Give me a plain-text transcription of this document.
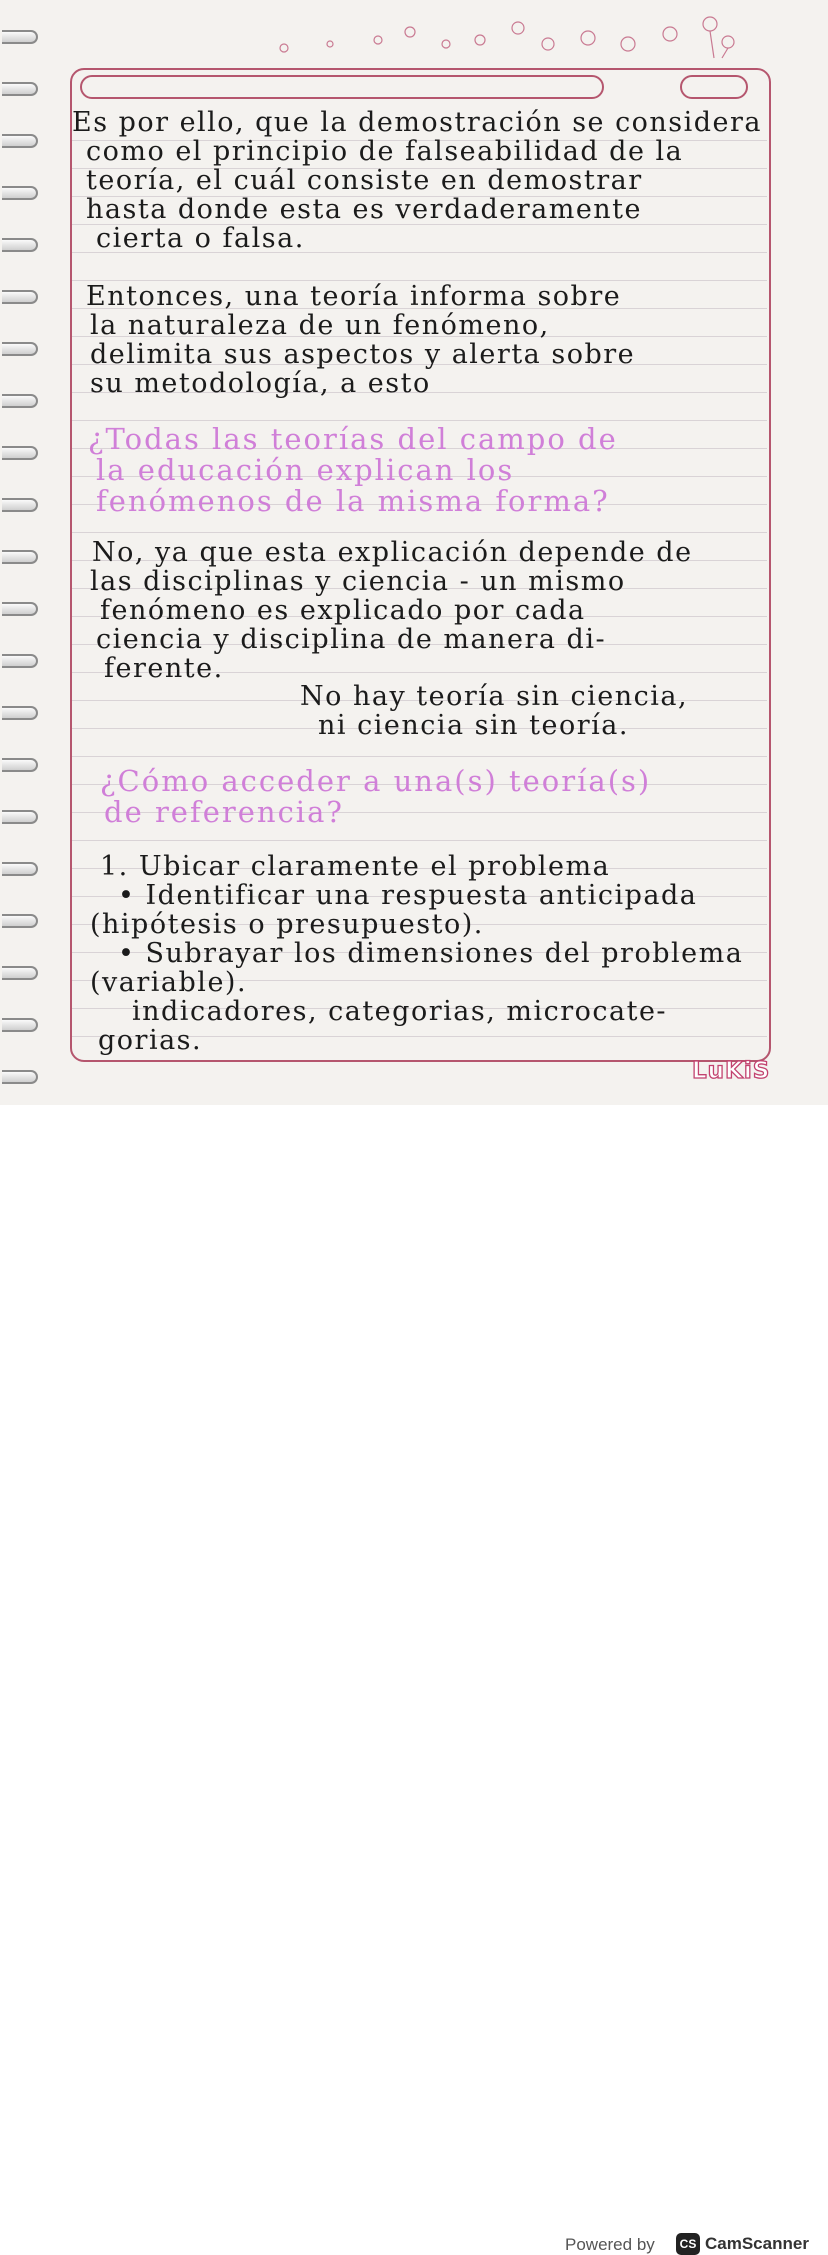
Es por ello, que la demostración se considera
como el principio de falseabilidad de la
teoría, el cuál consiste en demostrar
hasta donde esta es verdaderamente
cierta o falsa.
Entonces, una teoría informa sobre
la naturaleza de un fenómeno,
delimita sus aspectos y alerta sobre
su metodología, a esto
¿Todas las teorías del campo de
la educación explican los
fenómenos de la misma forma?
No, ya que esta explicación depende de
las disciplinas y ciencia - un mismo
fenómeno es explicado por cada
ciencia y disciplina de manera di-
ferente.
No hay teoría sin ciencia,
ni ciencia sin teoría.
¿Cómo acceder a una(s) teoría(s)
de referencia?
1. Ubicar claramente el problema
• Identificar una respuesta anticipada
(hipótesis o presupuesto).
• Subrayar los dimensiones del problema
(variable).
indicadores, categorias, microcate-
gorias.
LuKiS
Powered by	CS CamScanner
